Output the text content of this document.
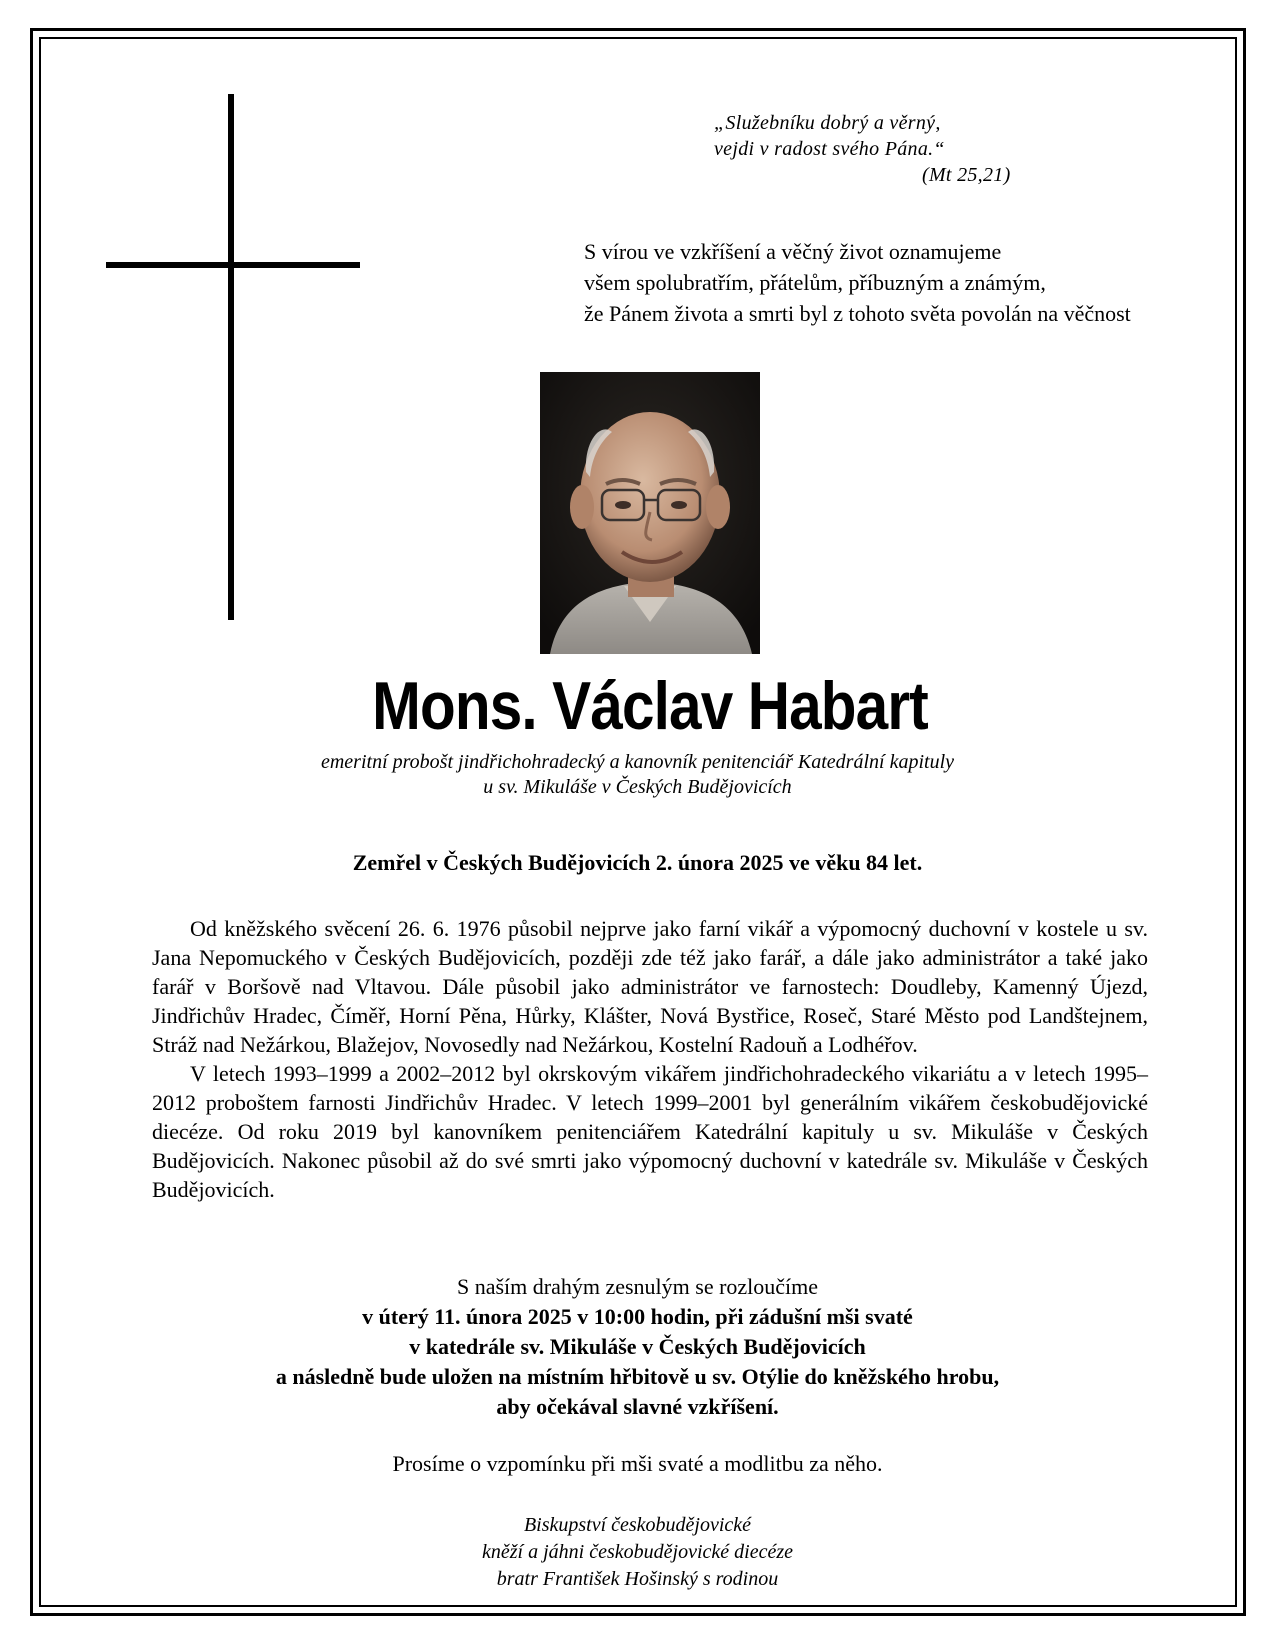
„Služebníku dobrý a věrný,
vejdi v radost svého Pána.“
(Mt 25,21)
S vírou ve vzkříšení a věčný život oznamujeme
všem spolubratřím, přátelům, příbuzným a známým,
že Pánem života a smrti byl z tohoto světa povolán na věčnost
Mons. Václav Habart
emeritní probošt jindřichohradecký a kanovník penitenciář Katedrální kapituly
u sv. Mikuláše v Českých Budějovicích
Zemřel v Českých Budějovicích 2. února 2025 ve věku 84 let.

Od kněžského svěcení 26. 6. 1976 působil nejprve jako farní vikář a výpomocný duchovní v kostele u sv. Jana Nepomuckého v Českých Budějovicích, později zde též jako farář, a dále jako administrátor a také jako farář v Boršově nad Vltavou. Dále působil jako administrátor ve farnostech: Doudleby, Kamenný Újezd, Jindřichův Hradec, Číměř, Horní Pěna, Hůrky, Klášter, Nová Bystřice, Roseč, Staré Město pod Landštejnem, Stráž nad Nežárkou, Blažejov, Novosedly nad Nežárkou, Kostelní Radouň a Lodhéřov.

V letech 1993–1999 a 2002–2012 byl okrskovým vikářem jindřichohradeckého vikariátu a v letech 1995–2012 proboštem farnosti Jindřichův Hradec. V letech 1999–2001 byl generálním vikářem českobudějovické diecéze. Od roku 2019 byl kanovníkem penitenciářem Katedrální kapituly u sv. Mikuláše v Českých Budějovicích. Nakonec působil až do své smrti jako výpomocný duchovní v katedrále sv. Mikuláše v Českých Budějovicích.

S naším drahým zesnulým se rozloučíme
v úterý 11. února 2025 v 10:00 hodin, při zádušní mši svaté
v katedrále sv. Mikuláše v Českých Budějovicích
a následně bude uložen na místním hřbitově u sv. Otýlie do kněžského hrobu,
aby očekával slavné vzkříšení.
Prosíme o vzpomínku při mši svaté a modlitbu za něho.
Biskupství českobudějovické
kněží a jáhni českobudějovické diecéze
bratr František Hošinský s rodinou
